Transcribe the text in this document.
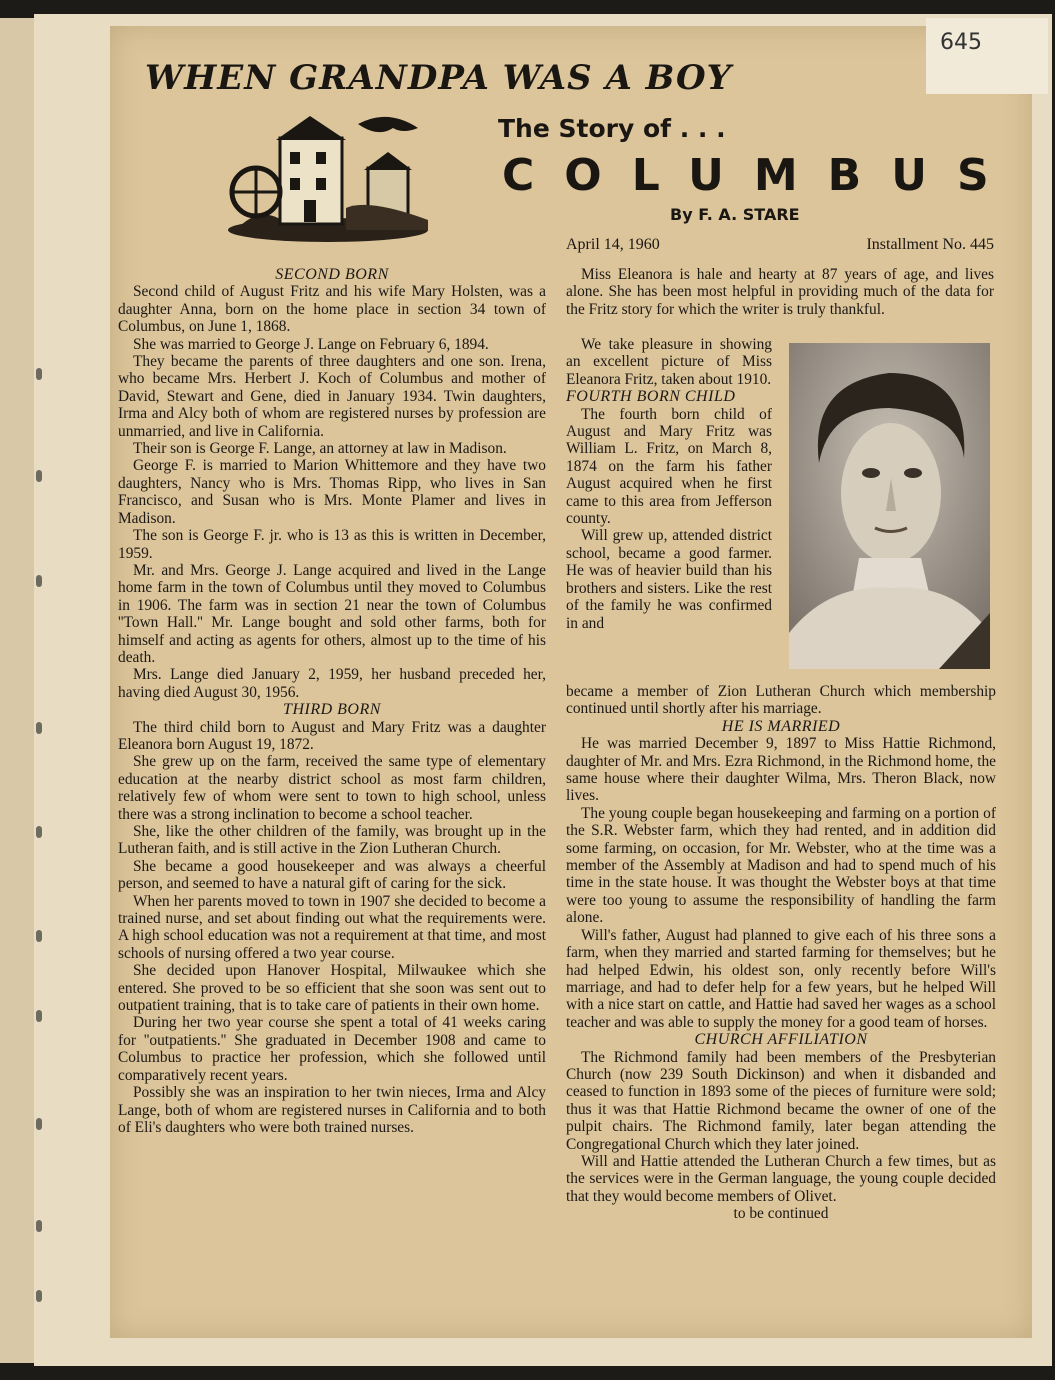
645
WHEN GRANDPA WAS A BOY
The Story of . . .
COLUMBUS
By F. A. STARE
April 14, 1960	Installment No. 445
SECOND BORN

Second child of August Fritz and his wife Mary Holsten, was a daughter Anna, born on the home place in section 34 town of Columbus, on June 1, 1868.

She was married to George J. Lange on February 6, 1894.

They became the parents of three daughters and one son. Irena, who became Mrs. Herbert J. Koch of Columbus and mother of David, Stewart and Gene, died in January 1934. Twin daughters, Irma and Alcy both of whom are registered nurses by profession are unmarried, and live in California.

Their son is George F. Lange, an attorney at law in Madison.

George F. is married to Marion Whittemore and they have two daughters, Nancy who is Mrs. Thomas Ripp, who lives in San Francisco, and Susan who is Mrs. Monte Plamer and lives in Madison.

The son is George F. jr. who is 13 as this is written in December, 1959.

Mr. and Mrs. George J. Lange acquired and lived in the Lange home farm in the town of Columbus until they moved to Columbus in 1906. The farm was in section 21 near the town of Columbus ''Town Hall.'' Mr. Lange bought and sold other farms, both for himself and acting as agents for others, almost up to the time of his death.

Mrs. Lange died January 2, 1959, her husband preceded her, having died August 30, 1956.

THIRD BORN

The third child born to August and Mary Fritz was a daughter Eleanora born August 19, 1872.

She grew up on the farm, received the same type of elementary education at the nearby district school as most farm children, relatively few of whom were sent to town to high school, unless there was a strong inclination to become a school teacher.

She, like the other children of the family, was brought up in the Lutheran faith, and is still active in the Zion Lutheran Church.

She became a good housekeeper and was always a cheerful person, and seemed to have a natural gift of caring for the sick.

When her parents moved to town in 1907 she decided to become a trained nurse, and set about finding out what the requirements were. A high school education was not a requirement at that time, and most schools of nursing offered a two year course.

She decided upon Hanover Hospital, Milwaukee which she entered. She proved to be so efficient that she soon was sent out to outpatient training, that is to take care of patients in their own home.

During her two year course she spent a total of 41 weeks caring for ''outpatients.'' She graduated in December 1908 and came to Columbus to practice her profession, which she followed until comparatively recent years.

Possibly she was an inspiration to her twin nieces, Irma and Alcy Lange, both of whom are registered nurses in California and to both of Eli's daughters who were both trained nurses.

Miss Eleanora is hale and hearty at 87 years of age, and lives alone. She has been most helpful in providing much of the data for the Fritz story for which the writer is truly thankful.

We take pleasure in showing an excellent picture of Miss Eleanora Fritz, taken about 1910.

FOURTH BORN CHILD

The fourth born child of August and Mary Fritz was William L. Fritz, on March 8, 1874 on the farm his father August acquired when he first came to this area from Jefferson county.

Will grew up, attended district school, became a good farmer. He was of heavier build than his brothers and sisters. Like the rest of the family he was confirmed in and

became a member of Zion Lutheran Church which membership continued until shortly after his marriage.

HE IS MARRIED

He was married December 9, 1897 to Miss Hattie Richmond, daughter of Mr. and Mrs. Ezra Richmond, in the Richmond home, the same house where their daughter Wilma, Mrs. Theron Black, now lives.

The young couple began housekeeping and farming on a portion of the S.R. Webster farm, which they had rented, and in addition did some farming, on occasion, for Mr. Webster, who at the time was a member of the Assembly at Madison and had to spend much of his time in the state house. It was thought the Webster boys at that time were too young to assume the responsibility of handling the farm alone.

Will's father, August had planned to give each of his three sons a farm, when they married and started farming for themselves; but he had helped Edwin, his oldest son, only recently before Will's marriage, and had to defer help for a few years, but he helped Will with a nice start on cattle, and Hattie had saved her wages as a school teacher and was able to supply the money for a good team of horses.

CHURCH AFFILIATION

The Richmond family had been members of the Presbyterian Church (now 239 South Dickinson) and when it disbanded and ceased to function in 1893 some of the pieces of furniture were sold; thus it was that Hattie Richmond became the owner of one of the pulpit chairs. The Richmond family, later began attending the Congregational Church which they later joined.

Will and Hattie attended the Lutheran Church a few times, but as the services were in the German language, the young couple decided that they would become members of Olivet.

to be continued
